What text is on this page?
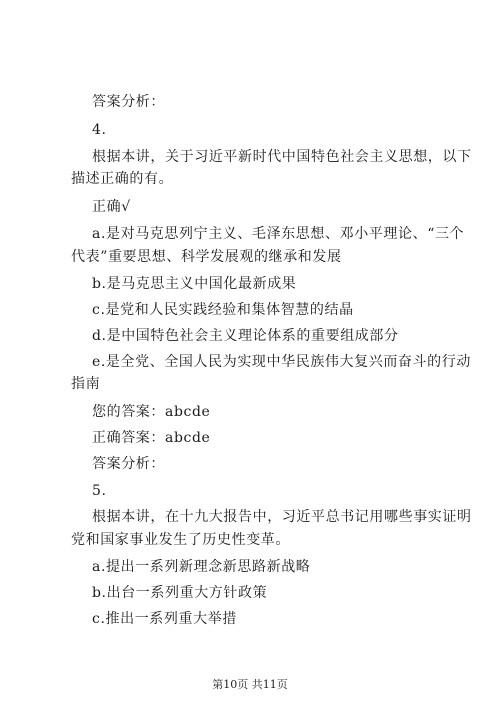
答案分析：
4.
根据本讲，关于习近平新时代中国特色社会主义思想，以下
描述正确的有。
正确√
a.是对马克思列宁主义、毛泽东思想、邓小平理论、“三个
代表”重要思想、科学发展观的继承和发展
b.是马克思主义中国化最新成果
c.是党和人民实践经验和集体智慧的结晶
d.是中国特色社会主义理论体系的重要组成部分
e.是全党、全国人民为实现中华民族伟大复兴而奋斗的行动
指南
您的答案：abcde
正确答案：abcde
答案分析：
5.
根据本讲，在十九大报告中，习近平总书记用哪些事实证明
党和国家事业发生了历史性变革。
a.提出一系列新理念新思路新战略
b.出台一系列重大方针政策
c.推出一系列重大举措
第10页 共11页
